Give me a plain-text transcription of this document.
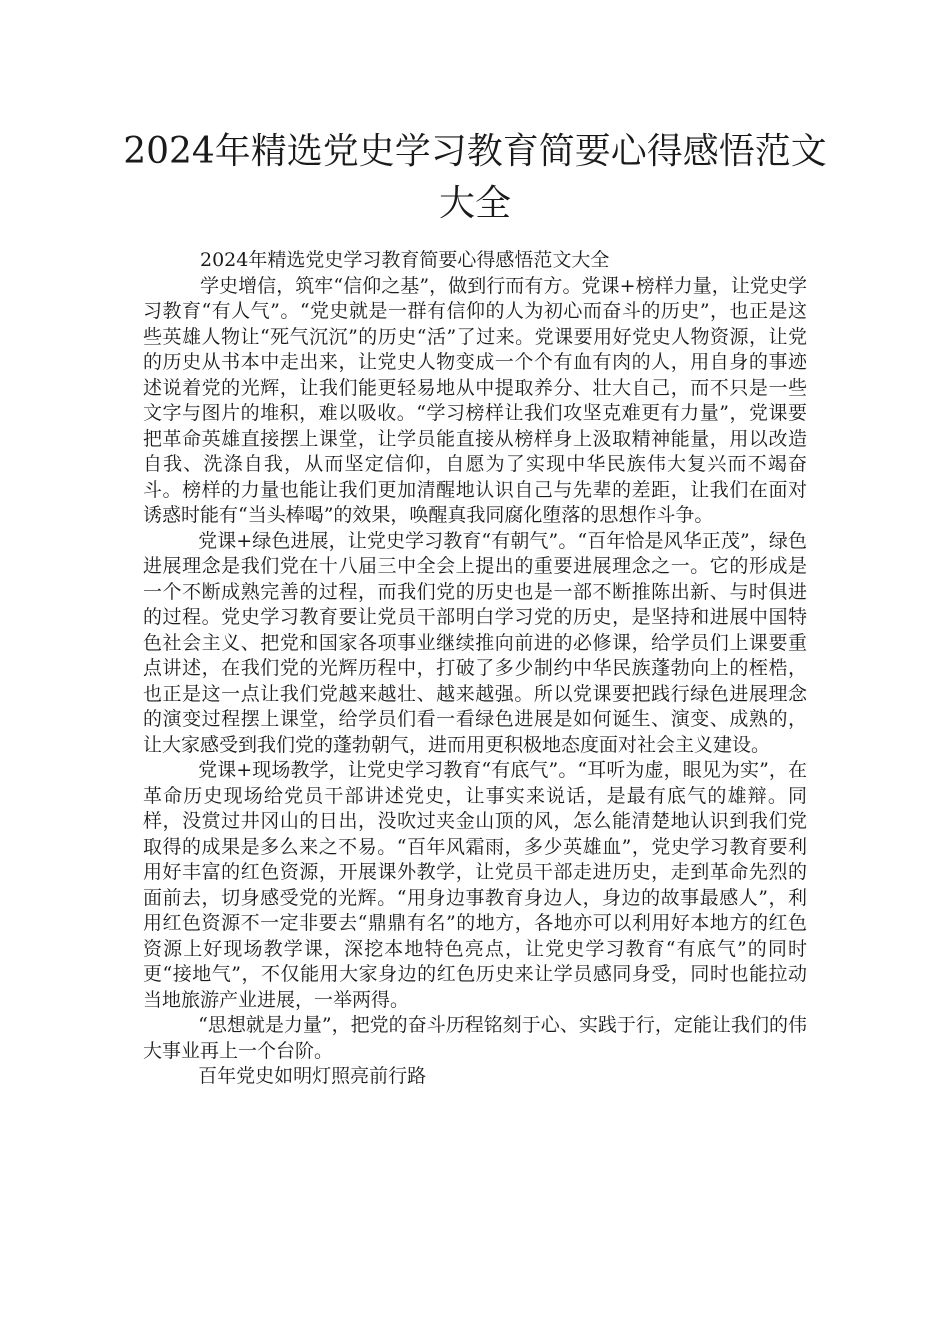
2024年精选党史学习教育简要心得感悟范文大全

2024年精选党史学习教育简要心得感悟范文大全

学史增信，筑牢“信仰之基”，做到行而有方。党课+榜样力量，让党史学习教育“有人气”。“党史就是一群有信仰的人为初心而奋斗的历史”，也正是这些英雄人物让“死气沉沉”的历史“活”了过来。党课要用好党史人物资源，让党的历史从书本中走出来，让党史人物变成一个个有血有肉的人，用自身的事迹述说着党的光辉，让我们能更轻易地从中提取养分、壮大自己，而不只是一些文字与图片的堆积，难以吸收。“学习榜样让我们攻坚克难更有力量”，党课要把革命英雄直接摆上课堂，让学员能直接从榜样身上汲取精神能量，用以改造自我、洗涤自我，从而坚定信仰，自愿为了实现中华民族伟大复兴而不竭奋斗。榜样的力量也能让我们更加清醒地认识自己与先辈的差距，让我们在面对诱惑时能有“当头棒喝”的效果，唤醒真我同腐化堕落的思想作斗争。

党课+绿色进展，让党史学习教育“有朝气”。“百年恰是风华正茂”，绿色进展理念是我们党在十八届三中全会上提出的重要进展理念之一。它的形成是一个不断成熟完善的过程，而我们党的历史也是一部不断推陈出新、与时俱进的过程。党史学习教育要让党员干部明白学习党的历史，是坚持和进展中国特色社会主义、把党和国家各项事业继续推向前进的必修课，给学员们上课要重点讲述，在我们党的光辉历程中，打破了多少制约中华民族蓬勃向上的桎梏，也正是这一点让我们党越来越壮、越来越强。所以党课要把践行绿色进展理念的演变过程摆上课堂，给学员们看一看绿色进展是如何诞生、演变、成熟的，让大家感受到我们党的蓬勃朝气，进而用更积极地态度面对社会主义建设。

党课+现场教学，让党史学习教育“有底气”。“耳听为虚，眼见为实”，在革命历史现场给党员干部讲述党史，让事实来说话，是最有底气的雄辩。同样，没赏过井冈山的日出，没吹过夹金山顶的风，怎么能清楚地认识到我们党取得的成果是多么来之不易。“百年风霜雨，多少英雄血”，党史学习教育要利用好丰富的红色资源，开展课外教学，让党员干部走进历史，走到革命先烈的面前去，切身感受党的光辉。“用身边事教育身边人，身边的故事最感人”，利用红色资源不一定非要去“鼎鼎有名”的地方，各地亦可以利用好本地方的红色资源上好现场教学课，深挖本地特色亮点，让党史学习教育“有底气”的同时更“接地气”，不仅能用大家身边的红色历史来让学员感同身受，同时也能拉动当地旅游产业进展，一举两得。

“思想就是力量”，把党的奋斗历程铭刻于心、实践于行，定能让我们的伟大事业再上一个台阶。

百年党史如明灯照亮前行路
